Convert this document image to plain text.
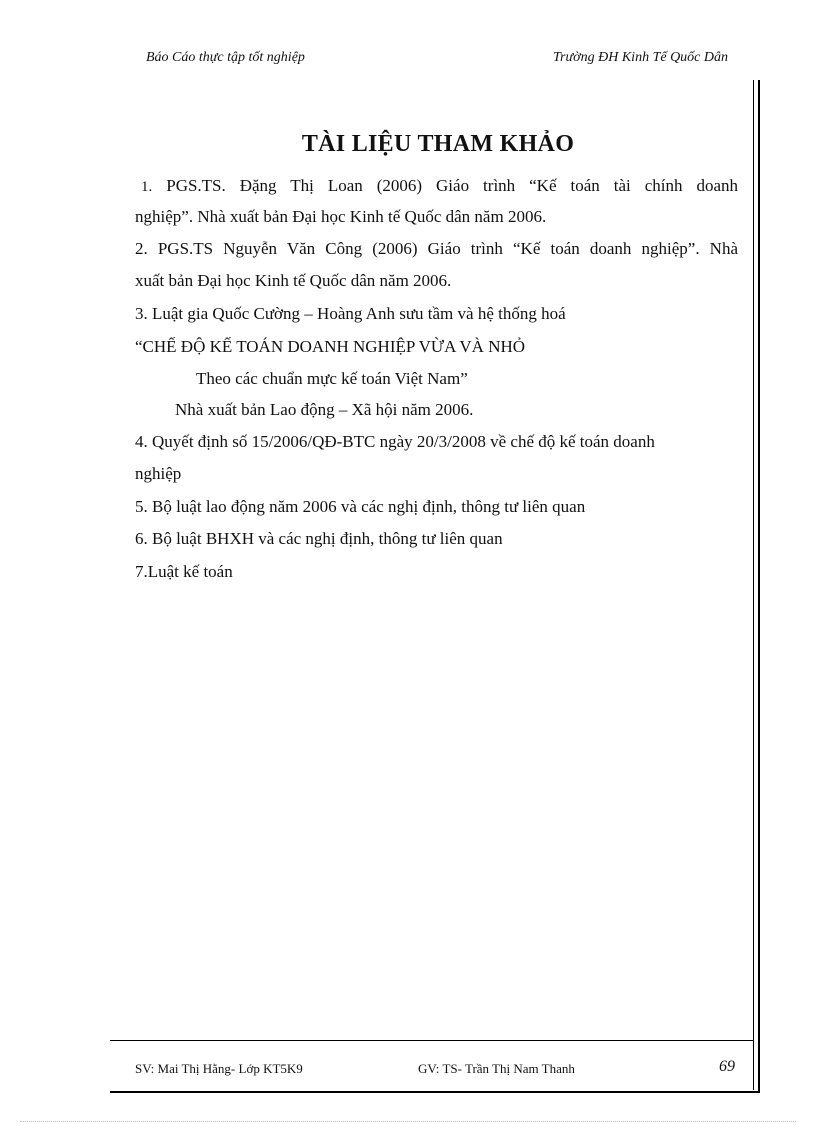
Báo Cáo thực tập tốt nghiệp	Trường ĐH Kinh Tế Quốc Dân
TÀI LIỆU THAM KHẢO
1. PGS.TS. Đặng Thị Loan (2006) Giáo trình “Kế toán tài chính doanh
nghiệp”. Nhà xuất bản Đại học Kinh tế Quốc dân năm 2006.
2. PGS.TS Nguyễn Văn Công (2006) Giáo trình “Kế toán doanh nghiệp”. Nhà
xuất bản Đại học Kinh tế Quốc dân năm 2006.
3. Luật gia Quốc Cường – Hoàng Anh sưu tầm và hệ thống hoá
“CHẾ ĐỘ KẾ TOÁN DOANH NGHIỆP VỪA VÀ NHỎ
Theo các chuẩn mực kế toán Việt Nam”
Nhà xuất bản Lao động – Xã hội năm 2006.
4. Quyết định số 15/2006/QĐ-BTC ngày 20/3/2008 về chế độ kế toán doanh
nghiệp
5. Bộ luật lao động năm 2006 và các nghị định, thông tư liên quan
6. Bộ luật BHXH và các nghị định, thông tư liên quan
7.Luật kế toán
SV: Mai Thị Hằng- Lớp KT5K9	GV: TS- Trần Thị Nam Thanh	69
